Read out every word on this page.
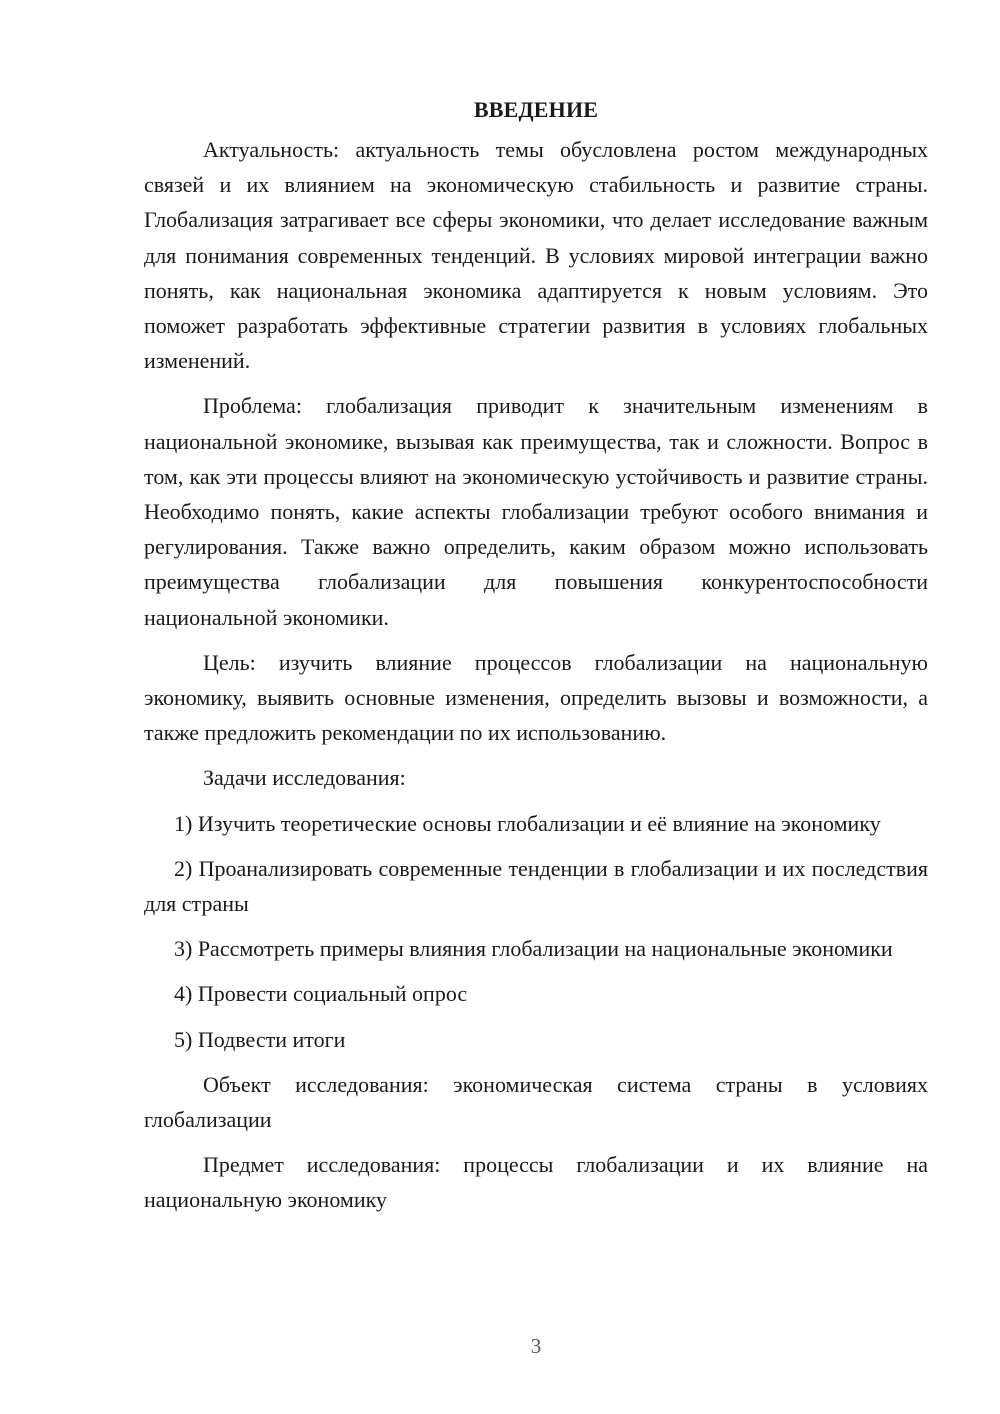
ВВЕДЕНИЕ

Актуальность: актуальность темы обусловлена ростом международных связей и их влиянием на экономическую стабильность и развитие страны. Глобализация затрагивает все сферы экономики, что делает исследование важным для понимания современных тенденций. В условиях мировой интеграции важно понять, как национальная экономика адаптируется к новым условиям. Это поможет разработать эффективные стратегии развития в условиях глобальных изменений.

Проблема: глобализация приводит к значительным изменениям в национальной экономике, вызывая как преимущества, так и сложности. Вопрос в том, как эти процессы влияют на экономическую устойчивость и развитие страны. Необходимо понять, какие аспекты глобализации требуют особого внимания и регулирования. Также важно определить, каким образом можно использовать преимущества глобализации для повышения конкурентоспособности национальной экономики.

Цель: изучить влияние процессов глобализации на национальную экономику, выявить основные изменения, определить вызовы и возможности, а также предложить рекомендации по их использованию.

Задачи исследования:

1) Изучить теоретические основы глобализации и её влияние на экономику

2) Проанализировать современные тенденции в глобализации и их последствия для страны

3) Рассмотреть примеры влияния глобализации на национальные экономики

4) Провести социальный опрос

5) Подвести итоги

Объект исследования: экономическая система страны в условиях глобализации

Предмет исследования: процессы глобализации и их влияние на национальную экономику

3
